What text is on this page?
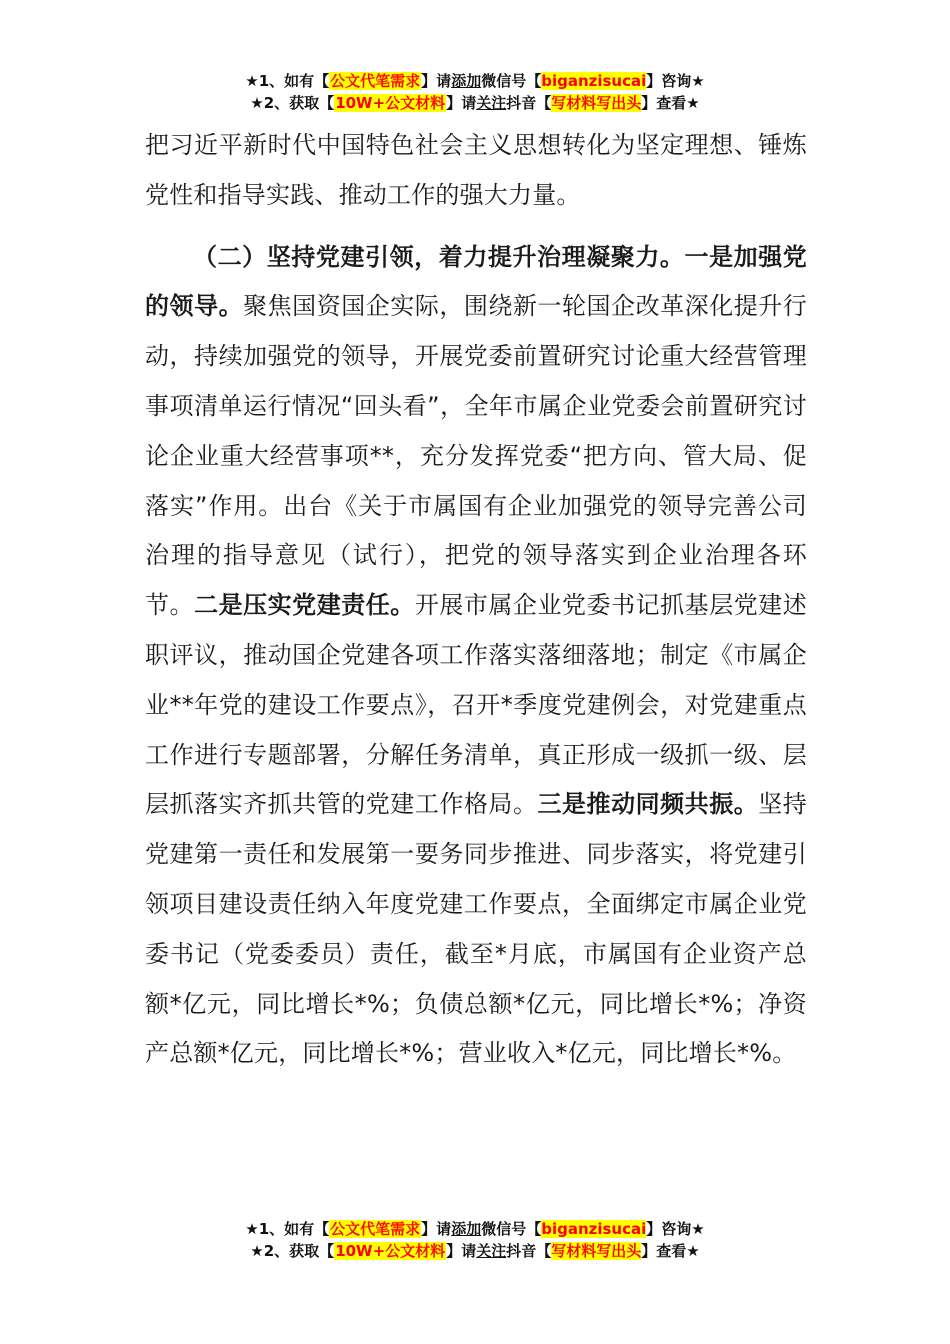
★1、如有【公文代笔需求】请添加微信号【biganzisucai】咨询★
★2、获取【10W+公文材料】请关注抖音【写材料写出头】查看★

把习近平新时代中国特色社会主义思想转化为坚定理想、锤炼党性和指导实践、推动工作的强大力量。

（二）坚持党建引领，着力提升治理凝聚力。一是加强党的领导。聚焦国资国企实际，围绕新一轮国企改革深化提升行动，持续加强党的领导，开展党委前置研究讨论重大经营管理事项清单运行情况“回头看”，全年市属企业党委会前置研究讨论企业重大经营事项**，充分发挥党委“把方向、管大局、促落实”作用。出台《关于市属国有企业加强党的领导完善公司治理的指导意见（试行），把党的领导落实到企业治理各环节。二是压实党建责任。开展市属企业党委书记抓基层党建述职评议，推动国企党建各项工作落实落细落地；制定《市属企业**年党的建设工作要点》，召开*季度党建例会，对党建重点工作进行专题部署，分解任务清单，真正形成一级抓一级、层层抓落实齐抓共管的党建工作格局。三是推动同频共振。坚持党建第一责任和发展第一要务同步推进、同步落实，将党建引领项目建设责任纳入年度党建工作要点，全面绑定市属企业党委书记（党委委员）责任，截至*月底，市属国有企业资产总额*亿元，同比增长*%；负债总额*亿元，同比增长*%；净资产总额*亿元，同比增长*%；营业收入*亿元，同比增长*%。

★1、如有【公文代笔需求】请添加微信号【biganzisucai】咨询★
★2、获取【10W+公文材料】请关注抖音【写材料写出头】查看★
